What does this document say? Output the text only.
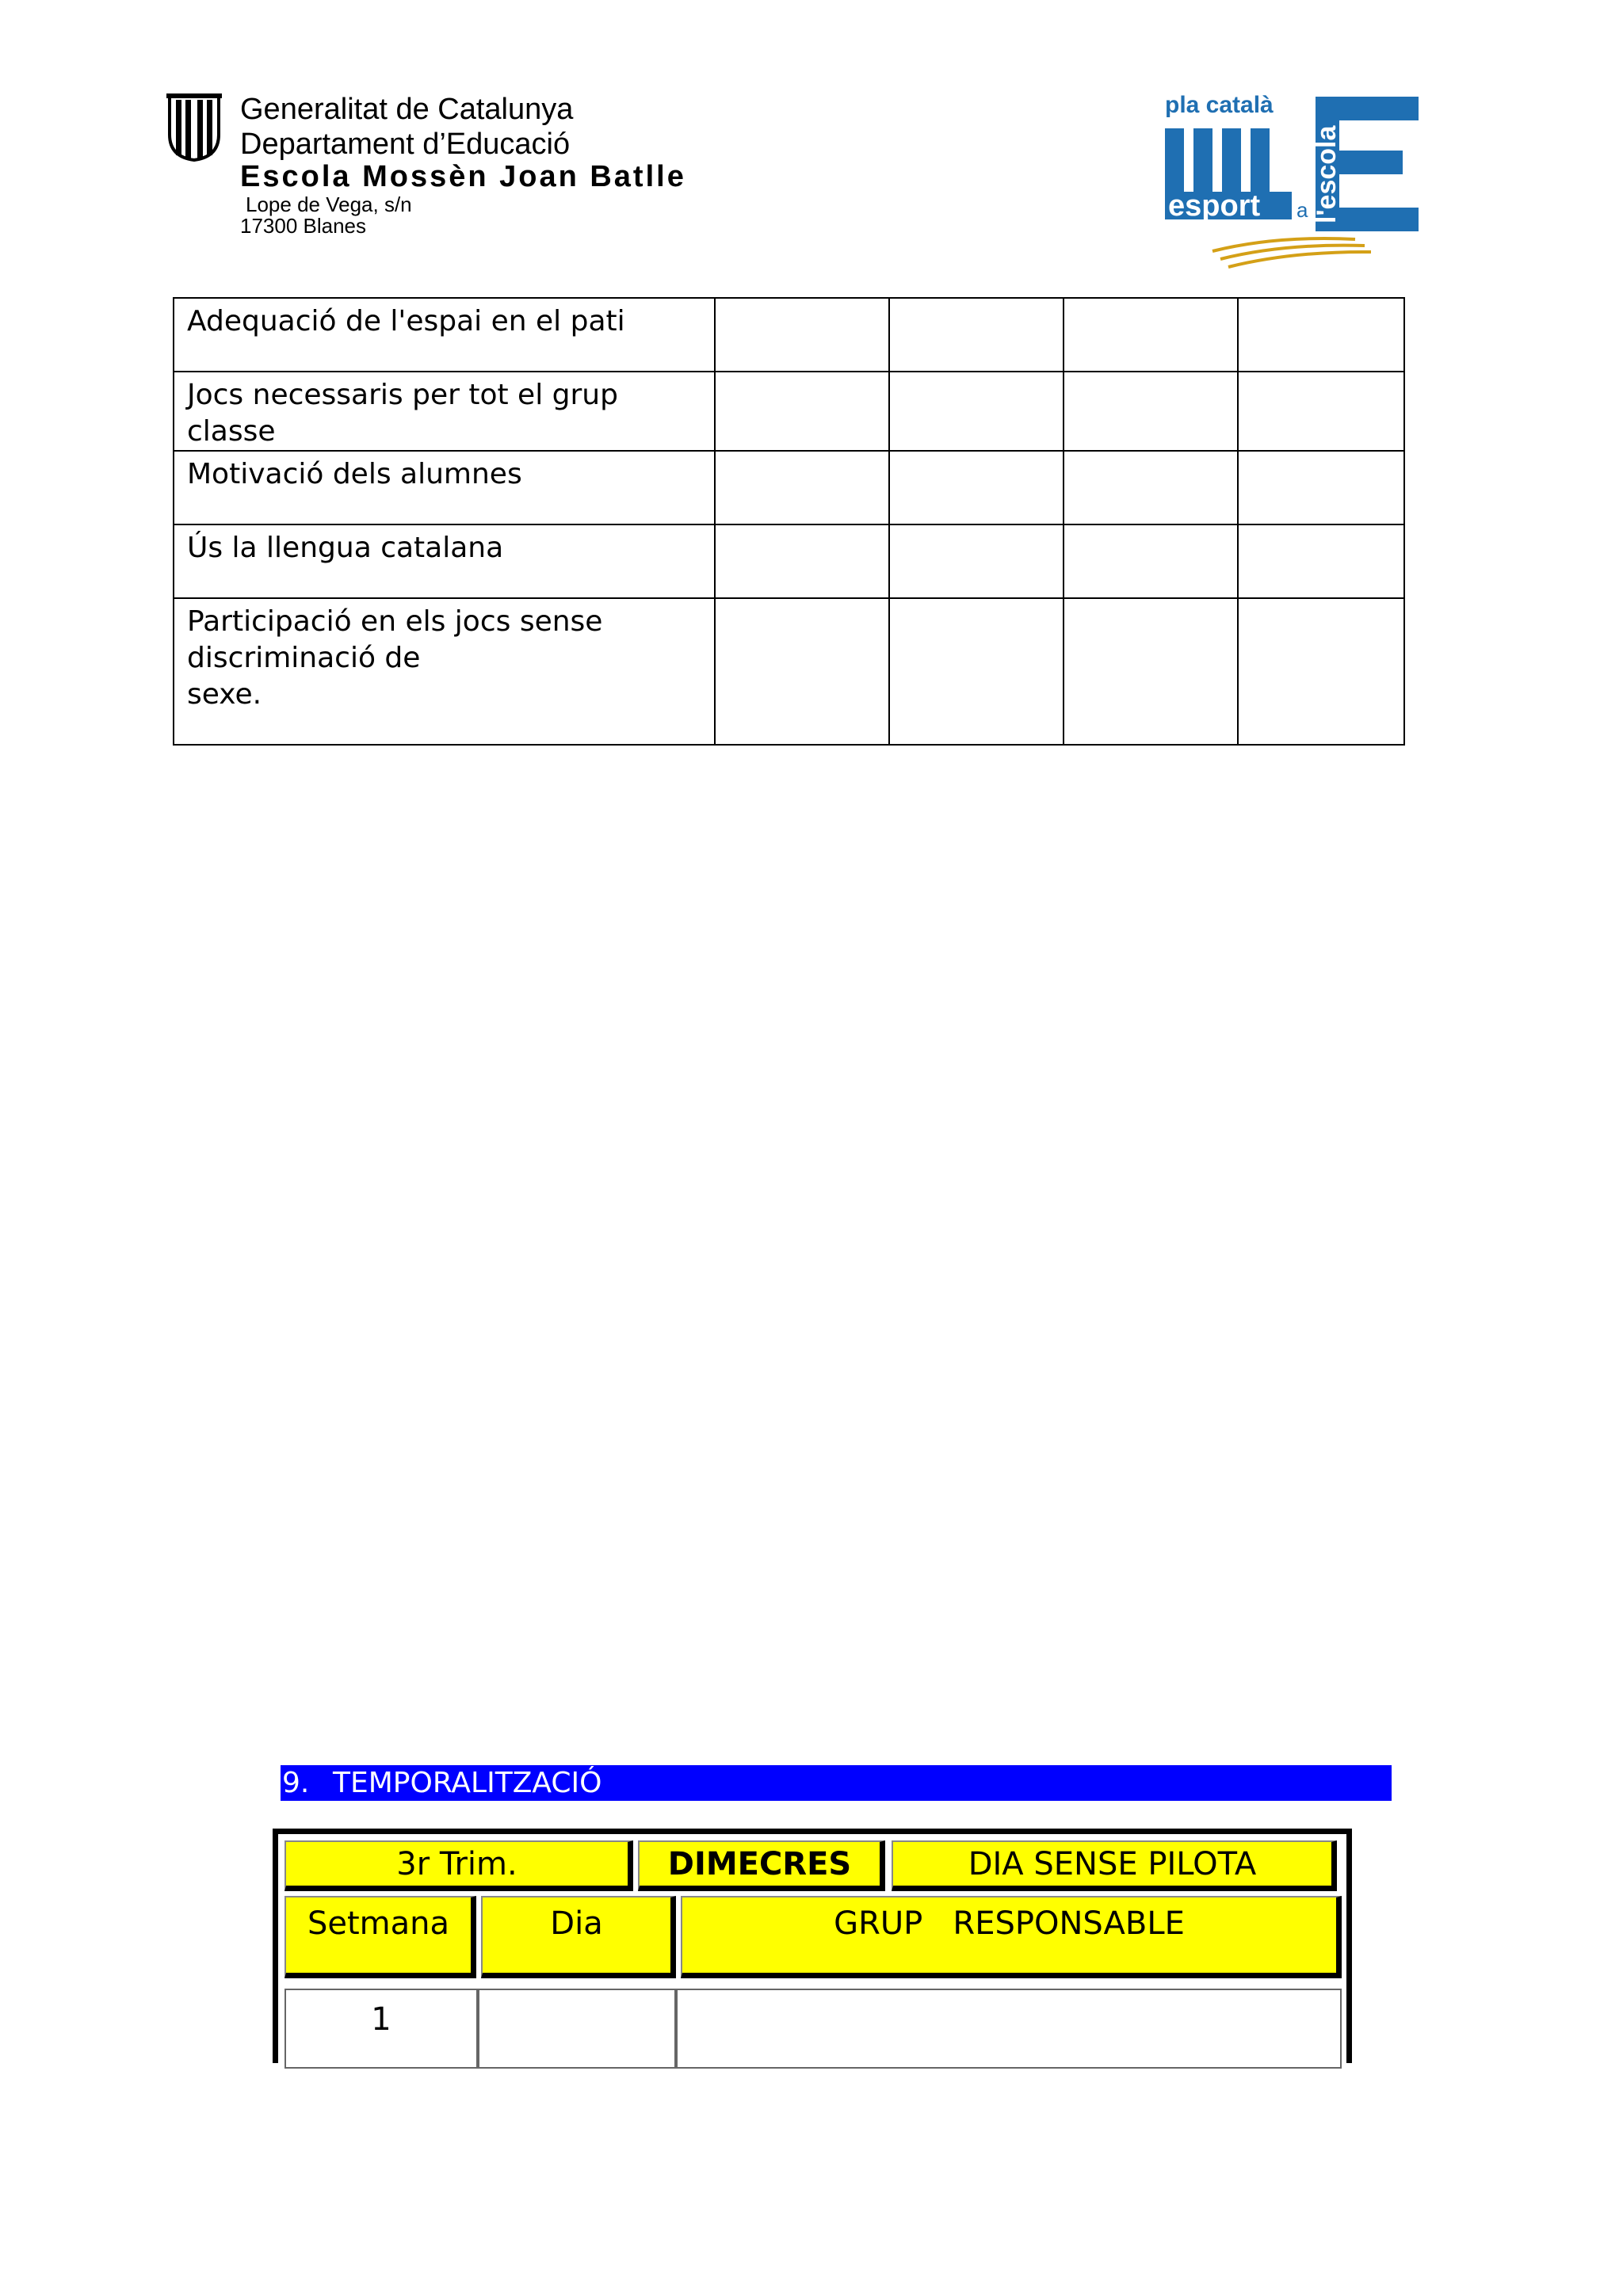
Generalitat de Catalunya
Departament d’Educació
Escola Mossèn Joan Batlle
Lope de Vega, s/n
17300 Blanes
pla català
esport a l'escola
Adequació de l'espai en el pati				
Jocs necessaris per tot el grup classe				
Motivació dels alumnes				
Ús la llengua catalana				

Participació en els jocs sense
discriminació de
sexe.				

9. TEMPORALITZACIÓ
3r Trim.	DIMECRES	DIA SENSE PILOTA
Setmana	Dia	GRUP   RESPONSABLE
1
